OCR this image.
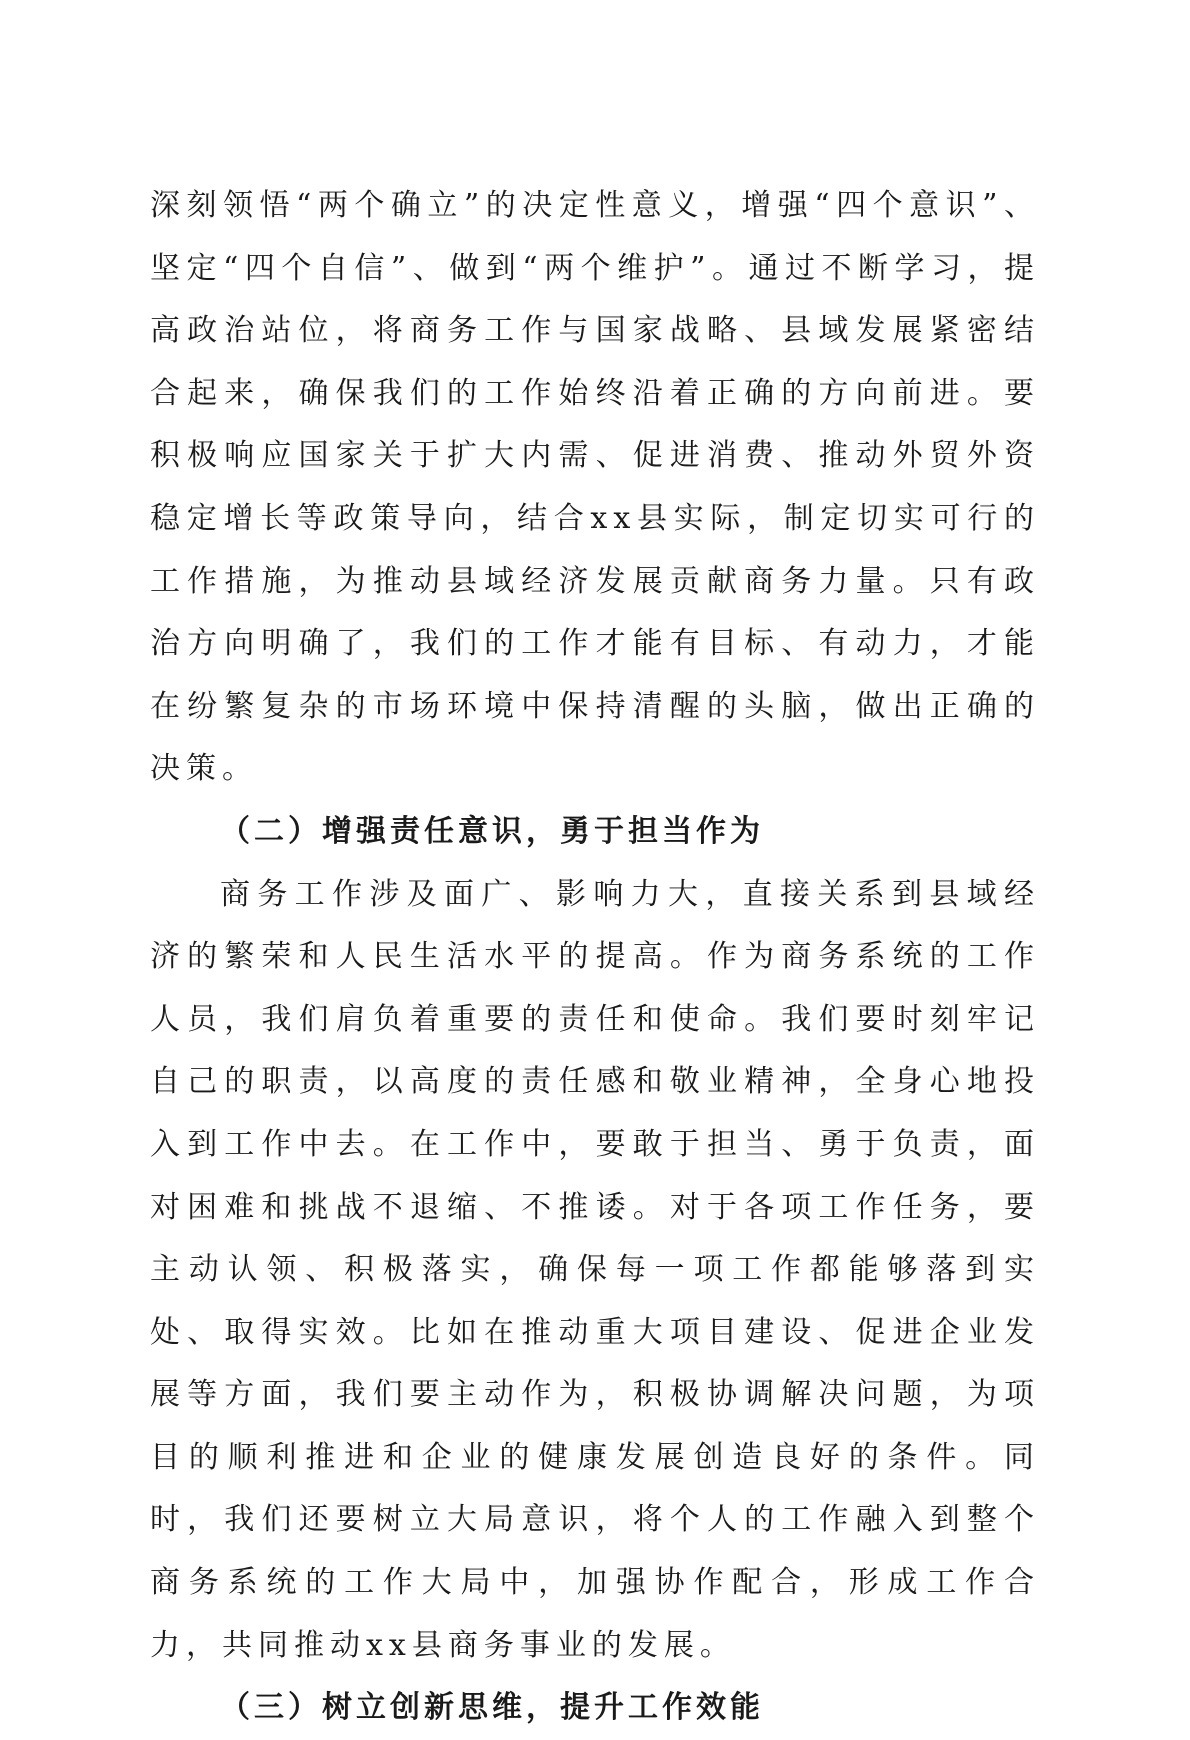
深刻领悟“两个确立”的决定性意义，增强“四个意识”、坚定“四个自信”、做到“两个维护”。通过不断学习，提高政治站位，将商务工作与国家战略、县域发展紧密结合起来，确保我们的工作始终沿着正确的方向前进。要积极响应国家关于扩大内需、促进消费、推动外贸外资稳定增长等政策导向，结合xx县实际，制定切实可行的工作措施，为推动县域经济发展贡献商务力量。只有政治方向明确了，我们的工作才能有目标、有动力，才能在纷繁复杂的市场环境中保持清醒的头脑，做出正确的决策。

（二）增强责任意识，勇于担当作为

商务工作涉及面广、影响力大，直接关系到县域经济的繁荣和人民生活水平的提高。作为商务系统的工作人员，我们肩负着重要的责任和使命。我们要时刻牢记自己的职责，以高度的责任感和敬业精神，全身心地投入到工作中去。在工作中，要敢于担当、勇于负责，面对困难和挑战不退缩、不推诿。对于各项工作任务，要主动认领、积极落实，确保每一项工作都能够落到实处、取得实效。比如在推动重大项目建设、促进企业发展等方面，我们要主动作为，积极协调解决问题，为项目的顺利推进和企业的健康发展创造良好的条件。同时，我们还要树立大局意识，将个人的工作融入到整个商务系统的工作大局中，加强协作配合，形成工作合力，共同推动xx县商务事业的发展。

（三）树立创新思维，提升工作效能
